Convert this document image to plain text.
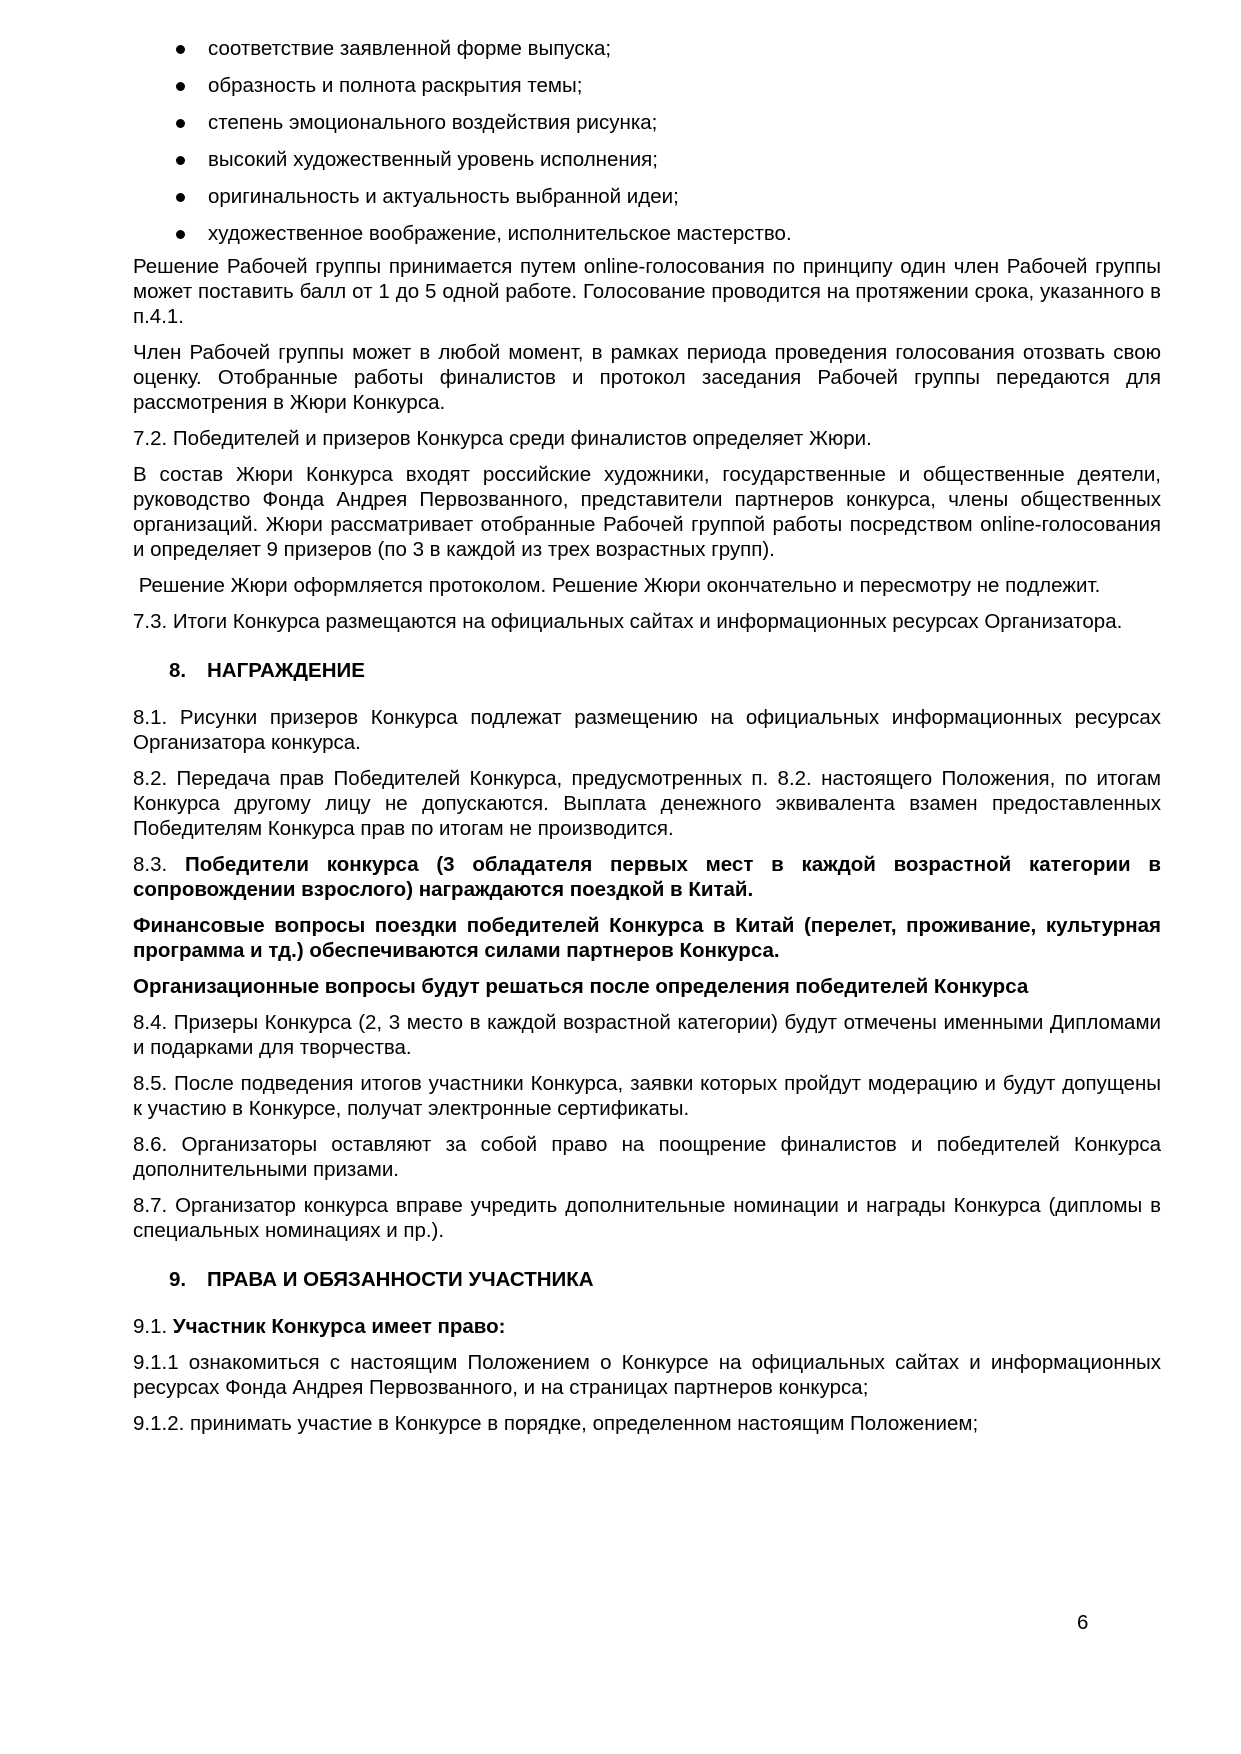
соответствие заявленной форме выпуска;
образность и полнота раскрытия темы;
степень эмоционального воздействия рисунка;
высокий художественный уровень исполнения;
оригинальность и актуальность выбранной идеи;
художественное воображение, исполнительское мастерство.

Решение Рабочей группы принимается путем online-голосования по принципу один член Рабочей группы может поставить балл от 1 до 5 одной работе. Голосование проводится на протяжении срока, указанного в п.4.1.

Член Рабочей группы может в любой момент, в рамках периода проведения голосования отозвать свою оценку. Отобранные работы финалистов и протокол заседания Рабочей группы передаются для рассмотрения в Жюри Конкурса.

7.2. Победителей и призеров Конкурса среди финалистов определяет Жюри.

В состав Жюри Конкурса входят российские художники, государственные и общественные деятели, руководство Фонда Андрея Первозванного, представители партнеров конкурса, члены общественных организаций. Жюри рассматривает отобранные Рабочей группой работы посредством online-голосования и определяет 9 призеров (по 3 в каждой из трех возрастных групп).

Решение Жюри оформляется протоколом. Решение Жюри окончательно и пересмотру не подлежит.

7.3. Итоги Конкурса размещаются на официальных сайтах и информационных ресурсах Организатора.

8. НАГРАЖДЕНИЕ

8.1. Рисунки призеров Конкурса подлежат размещению на официальных информационных ресурсах Организатора конкурса.

8.2. Передача прав Победителей Конкурса, предусмотренных п. 8.2. настоящего Положения, по итогам Конкурса другому лицу не допускаются. Выплата денежного эквивалента взамен предоставленных Победителям Конкурса прав по итогам не производится.

8.3. Победители конкурса (3 обладателя первых мест в каждой возрастной категории в сопровождении взрослого) награждаются поездкой в Китай.

Финансовые вопросы поездки победителей Конкурса в Китай (перелет, проживание, культурная программа и тд.) обеспечиваются силами партнеров Конкурса.

Организационные вопросы будут решаться после определения победителей Конкурса

8.4. Призеры Конкурса (2, 3 место в каждой возрастной категории) будут отмечены именными Дипломами и подарками для творчества.

8.5. После подведения итогов участники Конкурса, заявки которых пройдут модерацию и будут допущены к участию в Конкурсе, получат электронные сертификаты.

8.6. Организаторы оставляют за собой право на поощрение финалистов и победителей Конкурса дополнительными призами.

8.7. Организатор конкурса вправе учредить дополнительные номинации и награды Конкурса (дипломы в специальных номинациях и пр.).

9. ПРАВА И ОБЯЗАННОСТИ УЧАСТНИКА

9.1. Участник Конкурса имеет право:

9.1.1 ознакомиться с настоящим Положением о Конкурсе на официальных сайтах и информационных ресурсах Фонда Андрея Первозванного, и на страницах партнеров конкурса;

9.1.2. принимать участие в Конкурсе в порядке, определенном настоящим Положением;

6
